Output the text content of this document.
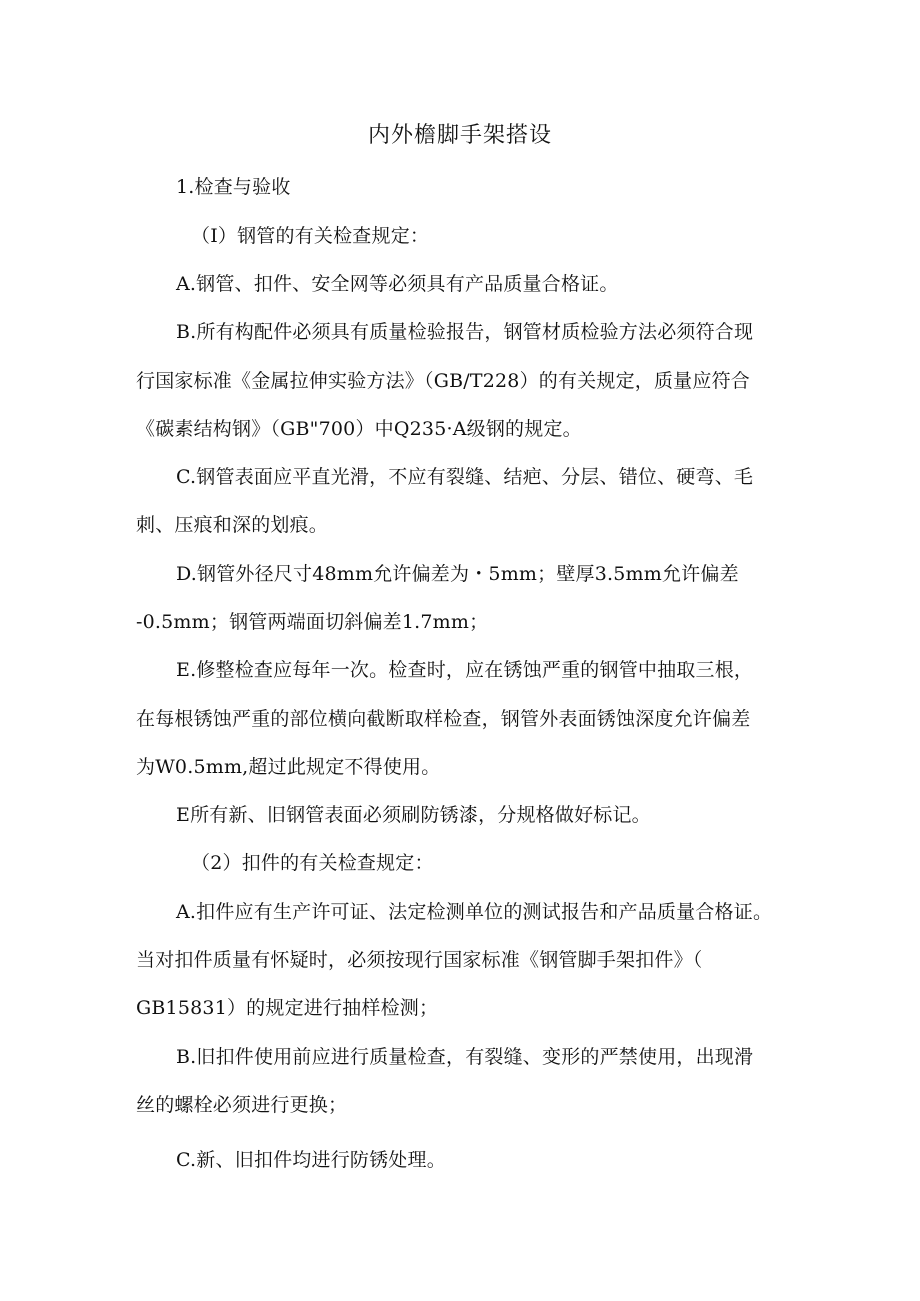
内外檐脚手架搭设
1.检查与验收
（I）钢管的有关检查规定：
A.钢管、扣件、安全网等必须具有产品质量合格证。
B.所有构配件必须具有质量检验报告，钢管材质检验方法必须符合现
行国家标准《金属拉伸实验方法》（GB/T228）的有关规定，质量应符合
《碳素结构钢》（GB"700）中Q235·A级钢的规定。
C.钢管表面应平直光滑，不应有裂缝、结疤、分层、错位、硬弯、毛
刺、压痕和深的划痕。
D.钢管外径尺寸48mm允许偏差为・5mm；壁厚3.5mm允许偏差
-0.5mm；钢管两端面切斜偏差1.7mm；
E.修整检查应每年一次。检查时，应在锈蚀严重的钢管中抽取三根，
在每根锈蚀严重的部位横向截断取样检查，钢管外表面锈蚀深度允许偏差
为W0.5mm,超过此规定不得使用。
E所有新、旧钢管表面必须刷防锈漆，分规格做好标记。
（2）扣件的有关检查规定：
A.扣件应有生产许可证、法定检测单位的测试报告和产品质量合格证。
当对扣件质量有怀疑时，必须按现行国家标准《钢管脚手架扣件》（
GB15831）的规定进行抽样检测；
B.旧扣件使用前应进行质量检查，有裂缝、变形的严禁使用，出现滑
丝的螺栓必须进行更换；
C.新、旧扣件均进行防锈处理。
